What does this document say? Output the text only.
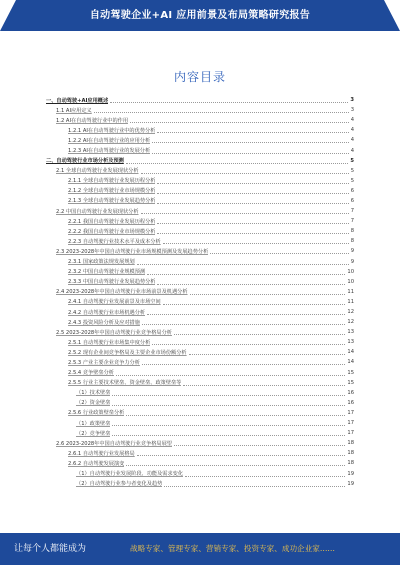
自动驾驶企业+AI 应用前景及布局策略研究报告
内容目录
一、自动驾驶+AI应用概述	3
1.1 AI应用定义	3
1.2 AI在自动驾驶行业中的作用	4
1.2.1 AI在自动驾驶行业中的优势分析	4
1.2.2 AI在自动驾驶行业的应用分析	4
1.2.3 AI在自动驾驶行业的发展分析	4
二、自动驾驶行业市场分析及预测	5
2.1 全球自动驾驶行业发展现状分析	5
2.1.1 全球自动驾驶行业发展历程分析	5
2.1.2 全球自动驾驶行业市场规模分析	6
2.1.3 全球自动驾驶行业发展趋势分析	6
2.2 中国自动驾驶行业发展现状分析	7
2.2.1 我国自动驾驶行业发展历程分析	7
2.2.2 我国自动驾驶行业市场规模分析	8
2.2.3 自动驾驶行业技术水平及成本分析	8
2.3 2023-2028年中国自动驾驶行业市场规模预测及发展趋势分析	9
2.3.1 国家政策法规发展规划	9
2.3.2 中国自动驾驶行业规模预测	10
2.3.3 中国自动驾驶行业发展趋势分析	10
2.4 2023-2028年中国自动驾驶行业市场前景及机遇分析	11
2.4.1 自动驾驶行业发展前景及市场空间	11
2.4.2 自动驾驶行业市场机遇分析	12
2.4.3 投资风险分析及应对措施	12
2.5 2023-2028年中国自动驾驶行业竞争格局分析	13
2.5.1 自动驾驶行业市场集中度分析	13
2.5.2 现有企业间竞争格局及主要企业市场份额分析	14
2.5.3 产业主要企业竞争力分析	14
2.5.4 竞争壁垒分析	15
2.5.5 行业主要技术壁垒、资金壁垒、政策壁垒等	15
（1）技术壁垒	16
（2）资金壁垒	16
2.5.6 行业政策壁垒分析	17
（1）政策壁垒	17
（2）竞争壁垒	17
2.6 2023-2028年中国自动驾驶行业竞争格局展望	18
2.6.1 自动驾驶行业发展格局	18
2.6.2 自动驾驶发展演变	18
（1）自动驾驶行业发展阶段、功能及需求变化	19
（2）自动驾驶行业参与者变化及趋势	19
让每个人都能成为	战略专家、管理专家、营销专家、投资专家、成功企业家……
